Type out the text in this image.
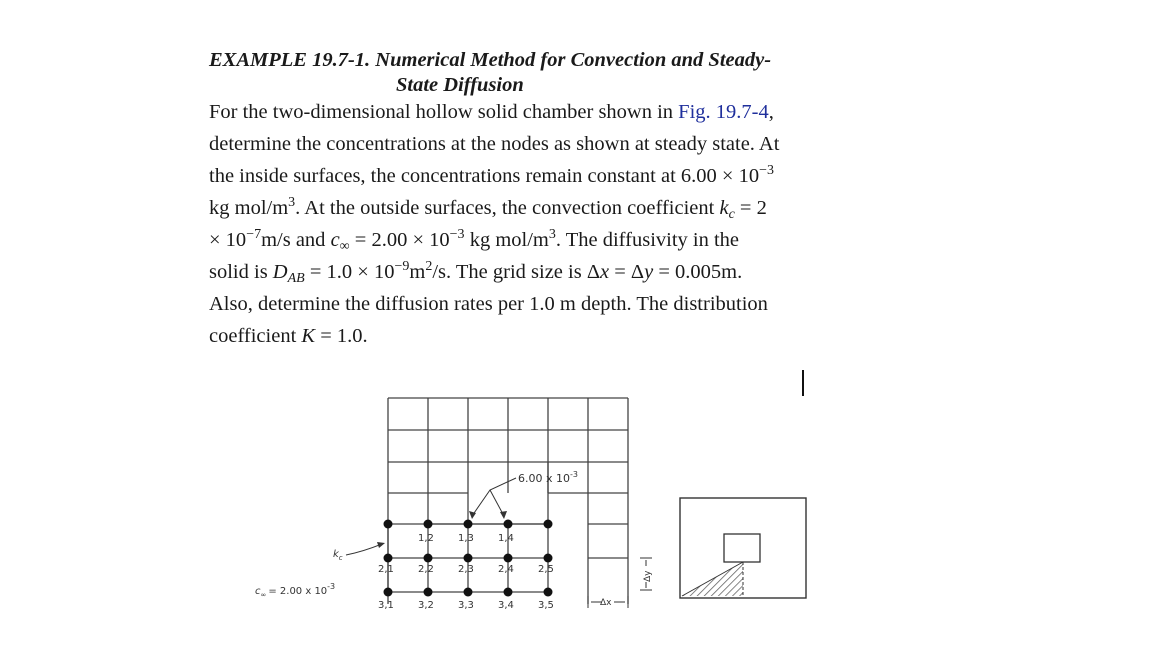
EXAMPLE 19.7-1. Numerical Method for Convection and Steady-
State Diffusion
For the two-dimensional hollow solid chamber shown in Fig. 19.7-4,
determine the concentrations at the nodes as shown at steady state. At
the inside surfaces, the concentrations remain constant at $6.00 \times 10^{-3}$
kg mol/$m^3$. At the outside surfaces, the convection coefficient $k_c = 2$
× $10^{-7}m/s$ and $c_\infty = 2.00 \times 10^{-3}$ kg mol/$m^3$. The diffusivity in the
solid is $D_{AB} = 1.0 \times 10^{-9}m^2/s$. The grid size is Δx = Δy = 0.005m.
Also, determine the diffusion rates per 1.0 m depth. The distribution
coefficient K = 1.0.
1,2 1,3 1,4
2,1 2,2 2,3 2,4 2,5
3,1 3,2 3,3 3,4 3,5
6.00 x $10^{-3}$
$k_c$
$c_\infty = 2.00$ x $10^{-3}$
Δx
Δy
